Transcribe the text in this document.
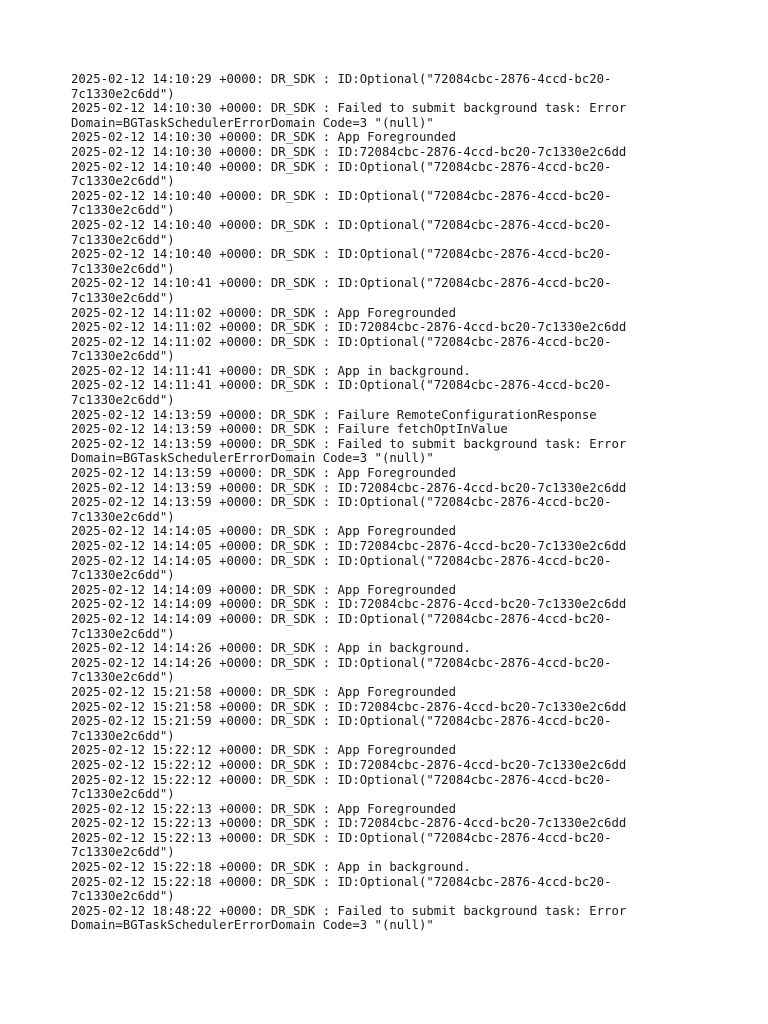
2025-02-12 14:10:29 +0000: DR_SDK : ID:Optional("72084cbc-2876-4ccd-bc20-
7c1330e2c6dd")
2025-02-12 14:10:30 +0000: DR_SDK : Failed to submit background task: Error
Domain=BGTaskSchedulerErrorDomain Code=3 "(null)"
2025-02-12 14:10:30 +0000: DR_SDK : App Foregrounded
2025-02-12 14:10:30 +0000: DR_SDK : ID:72084cbc-2876-4ccd-bc20-7c1330e2c6dd
2025-02-12 14:10:40 +0000: DR_SDK : ID:Optional("72084cbc-2876-4ccd-bc20-
7c1330e2c6dd")
2025-02-12 14:10:40 +0000: DR_SDK : ID:Optional("72084cbc-2876-4ccd-bc20-
7c1330e2c6dd")
2025-02-12 14:10:40 +0000: DR_SDK : ID:Optional("72084cbc-2876-4ccd-bc20-
7c1330e2c6dd")
2025-02-12 14:10:40 +0000: DR_SDK : ID:Optional("72084cbc-2876-4ccd-bc20-
7c1330e2c6dd")
2025-02-12 14:10:41 +0000: DR_SDK : ID:Optional("72084cbc-2876-4ccd-bc20-
7c1330e2c6dd")
2025-02-12 14:11:02 +0000: DR_SDK : App Foregrounded
2025-02-12 14:11:02 +0000: DR_SDK : ID:72084cbc-2876-4ccd-bc20-7c1330e2c6dd
2025-02-12 14:11:02 +0000: DR_SDK : ID:Optional("72084cbc-2876-4ccd-bc20-
7c1330e2c6dd")
2025-02-12 14:11:41 +0000: DR_SDK : App in background.
2025-02-12 14:11:41 +0000: DR_SDK : ID:Optional("72084cbc-2876-4ccd-bc20-
7c1330e2c6dd")
2025-02-12 14:13:59 +0000: DR_SDK : Failure RemoteConfigurationResponse
2025-02-12 14:13:59 +0000: DR_SDK : Failure fetchOptInValue
2025-02-12 14:13:59 +0000: DR_SDK : Failed to submit background task: Error
Domain=BGTaskSchedulerErrorDomain Code=3 "(null)"
2025-02-12 14:13:59 +0000: DR_SDK : App Foregrounded
2025-02-12 14:13:59 +0000: DR_SDK : ID:72084cbc-2876-4ccd-bc20-7c1330e2c6dd
2025-02-12 14:13:59 +0000: DR_SDK : ID:Optional("72084cbc-2876-4ccd-bc20-
7c1330e2c6dd")
2025-02-12 14:14:05 +0000: DR_SDK : App Foregrounded
2025-02-12 14:14:05 +0000: DR_SDK : ID:72084cbc-2876-4ccd-bc20-7c1330e2c6dd
2025-02-12 14:14:05 +0000: DR_SDK : ID:Optional("72084cbc-2876-4ccd-bc20-
7c1330e2c6dd")
2025-02-12 14:14:09 +0000: DR_SDK : App Foregrounded
2025-02-12 14:14:09 +0000: DR_SDK : ID:72084cbc-2876-4ccd-bc20-7c1330e2c6dd
2025-02-12 14:14:09 +0000: DR_SDK : ID:Optional("72084cbc-2876-4ccd-bc20-
7c1330e2c6dd")
2025-02-12 14:14:26 +0000: DR_SDK : App in background.
2025-02-12 14:14:26 +0000: DR_SDK : ID:Optional("72084cbc-2876-4ccd-bc20-
7c1330e2c6dd")
2025-02-12 15:21:58 +0000: DR_SDK : App Foregrounded
2025-02-12 15:21:58 +0000: DR_SDK : ID:72084cbc-2876-4ccd-bc20-7c1330e2c6dd
2025-02-12 15:21:59 +0000: DR_SDK : ID:Optional("72084cbc-2876-4ccd-bc20-
7c1330e2c6dd")
2025-02-12 15:22:12 +0000: DR_SDK : App Foregrounded
2025-02-12 15:22:12 +0000: DR_SDK : ID:72084cbc-2876-4ccd-bc20-7c1330e2c6dd
2025-02-12 15:22:12 +0000: DR_SDK : ID:Optional("72084cbc-2876-4ccd-bc20-
7c1330e2c6dd")
2025-02-12 15:22:13 +0000: DR_SDK : App Foregrounded
2025-02-12 15:22:13 +0000: DR_SDK : ID:72084cbc-2876-4ccd-bc20-7c1330e2c6dd
2025-02-12 15:22:13 +0000: DR_SDK : ID:Optional("72084cbc-2876-4ccd-bc20-
7c1330e2c6dd")
2025-02-12 15:22:18 +0000: DR_SDK : App in background.
2025-02-12 15:22:18 +0000: DR_SDK : ID:Optional("72084cbc-2876-4ccd-bc20-
7c1330e2c6dd")
2025-02-12 18:48:22 +0000: DR_SDK : Failed to submit background task: Error
Domain=BGTaskSchedulerErrorDomain Code=3 "(null)"
